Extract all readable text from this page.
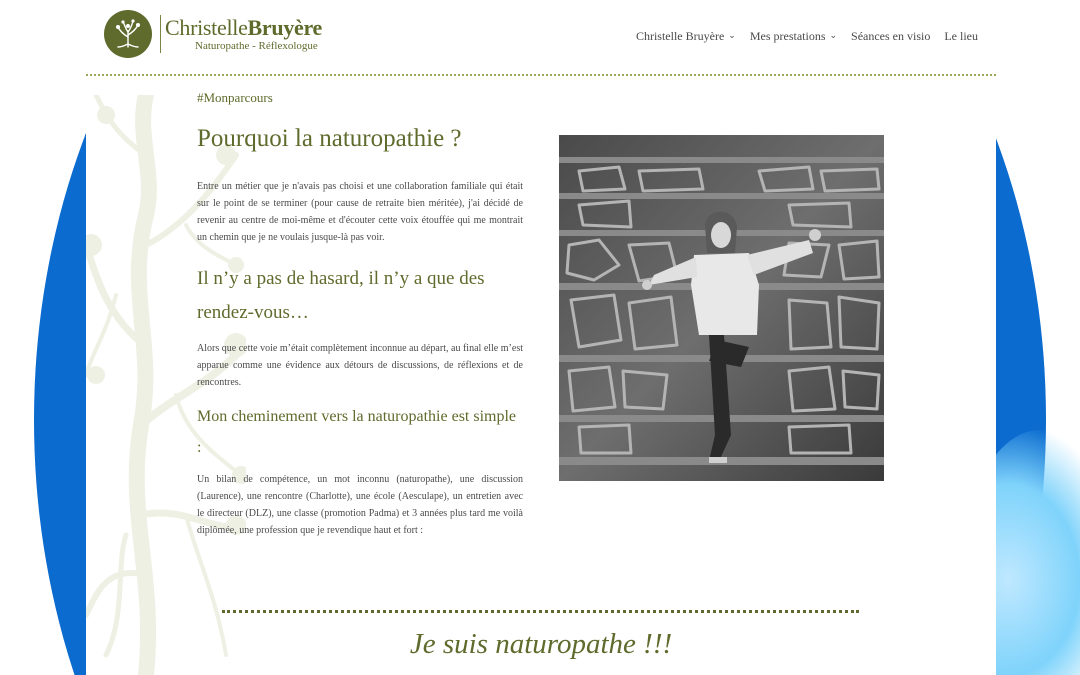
ChristelleBruyère
Naturopathe - Réflexologue
Christelle Bruyère ⌄ Mes prestations ⌄ Séances en visio Le lieu
#Monparcours
Pourquoi la naturopathie ?

Entre un métier que je n'avais pas choisi et une collaboration familiale qui était sur le point de se terminer (pour cause de retraite bien méritée), j'ai décidé de revenir au centre de moi-même et d'écouter cette voix étouffée qui me montrait un chemin que je ne voulais jusque-là pas voir.

Il n’y a pas de hasard, il n’y a que des rendez-vous…

Alors que cette voie m’était complètement inconnue au départ, au final elle m’est apparue comme une évidence aux détours de discussions, de réflexions et de rencontres.

Mon cheminement vers la naturopathie est simple :

Un bilan de compétence, un mot inconnu (naturopathe), une discussion (Laurence), une rencontre (Charlotte), une école (Aesculape), un entretien avec le directeur (DLZ), une classe (promotion Padma) et 3 années plus tard me voilà diplômée, une profession que je revendique haut et fort :

Je suis naturopathe !!!
